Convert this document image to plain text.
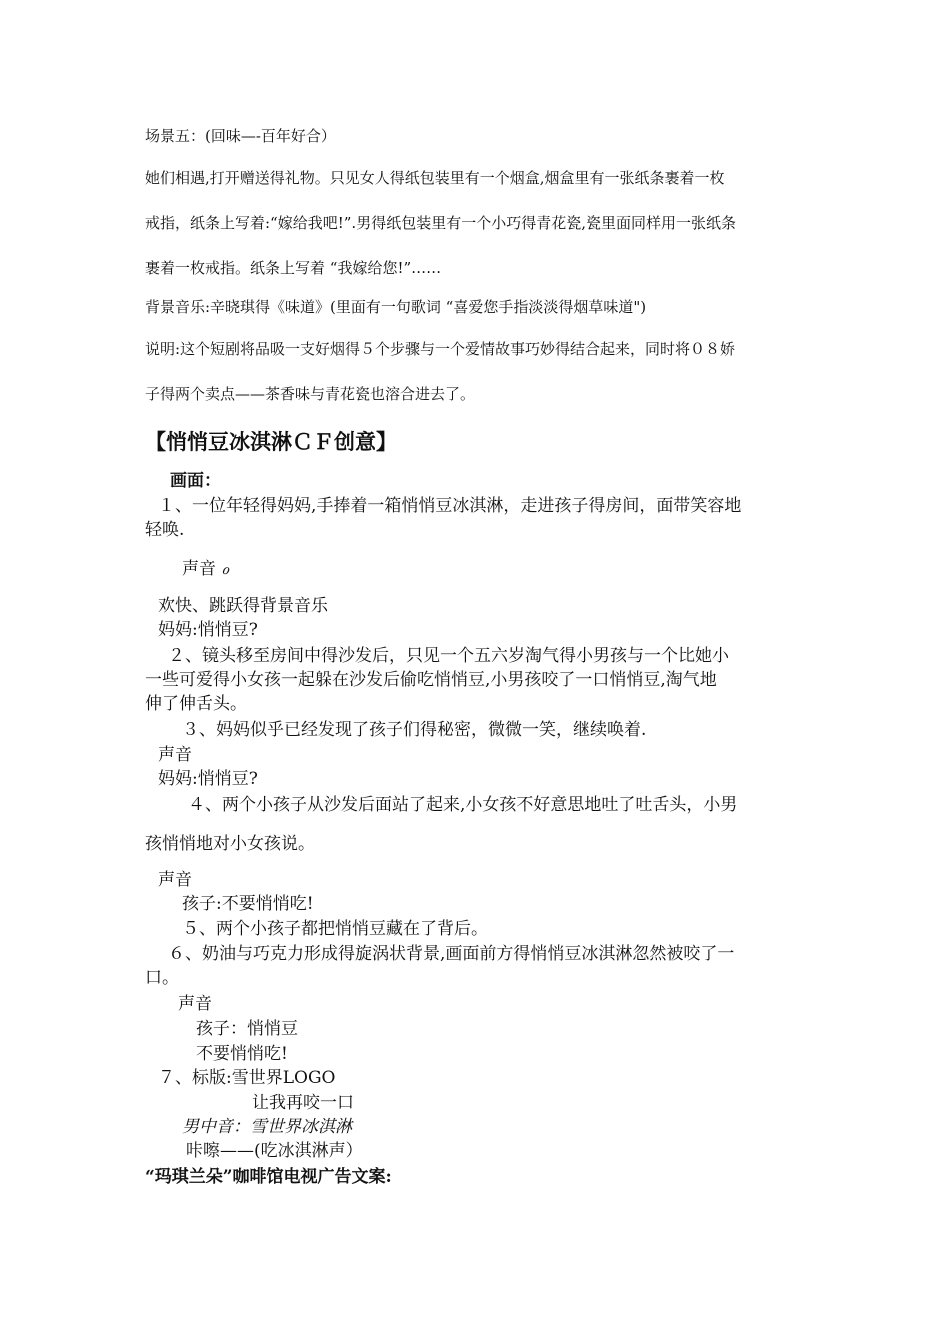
场景五：(回味—-百年好合）
她们相遇,打开赠送得礼物。只见女人得纸包装里有一个烟盒,烟盒里有一张纸条裹着一枚
戒指，纸条上写着:“嫁给我吧!”.男得纸包装里有一个小巧得青花瓷,瓷里面同样用一张纸条
裹着一枚戒指。纸条上写着 “我嫁给您!”……
背景音乐:辛晓琪得《味道》(里面有一句歌词 “喜爱您手指淡淡得烟草味道")
说明:这个短剧将品吸一支好烟得５个步骤与一个爱情故事巧妙得结合起来，同时将０８娇
子得两个卖点——茶香味与青花瓷也溶合进去了。
【悄悄豆冰淇淋ＣＦ创意】
画面：
１、一位年轻得妈妈,手捧着一箱悄悄豆冰淇淋，走进孩子得房间，面带笑容地
轻唤.
声音 ℴ
欢快、跳跃得背景音乐
妈妈:悄悄豆?
２、镜头移至房间中得沙发后，只见一个五六岁淘气得小男孩与一个比她小
一些可爱得小女孩一起躲在沙发后偷吃悄悄豆,小男孩咬了一口悄悄豆,淘气地
伸了伸舌头。
３、妈妈似乎已经发现了孩子们得秘密，微微一笑，继续唤着.
声音
妈妈:悄悄豆?
４、两个小孩子从沙发后面站了起来,小女孩不好意思地吐了吐舌头，小男
孩悄悄地对小女孩说。
声音
孩子:不要悄悄吃!
５、两个小孩子都把悄悄豆藏在了背后。
６、奶油与巧克力形成得旋涡状背景,画面前方得悄悄豆冰淇淋忽然被咬了一
口。
声音
孩子：悄悄豆
不要悄悄吃!
７、标版:雪世界LOGO
让我再咬一口
男中音：雪世界冰淇淋
咔嚓——(吃冰淇淋声）
“玛琪兰朵”咖啡馆电视广告文案:
